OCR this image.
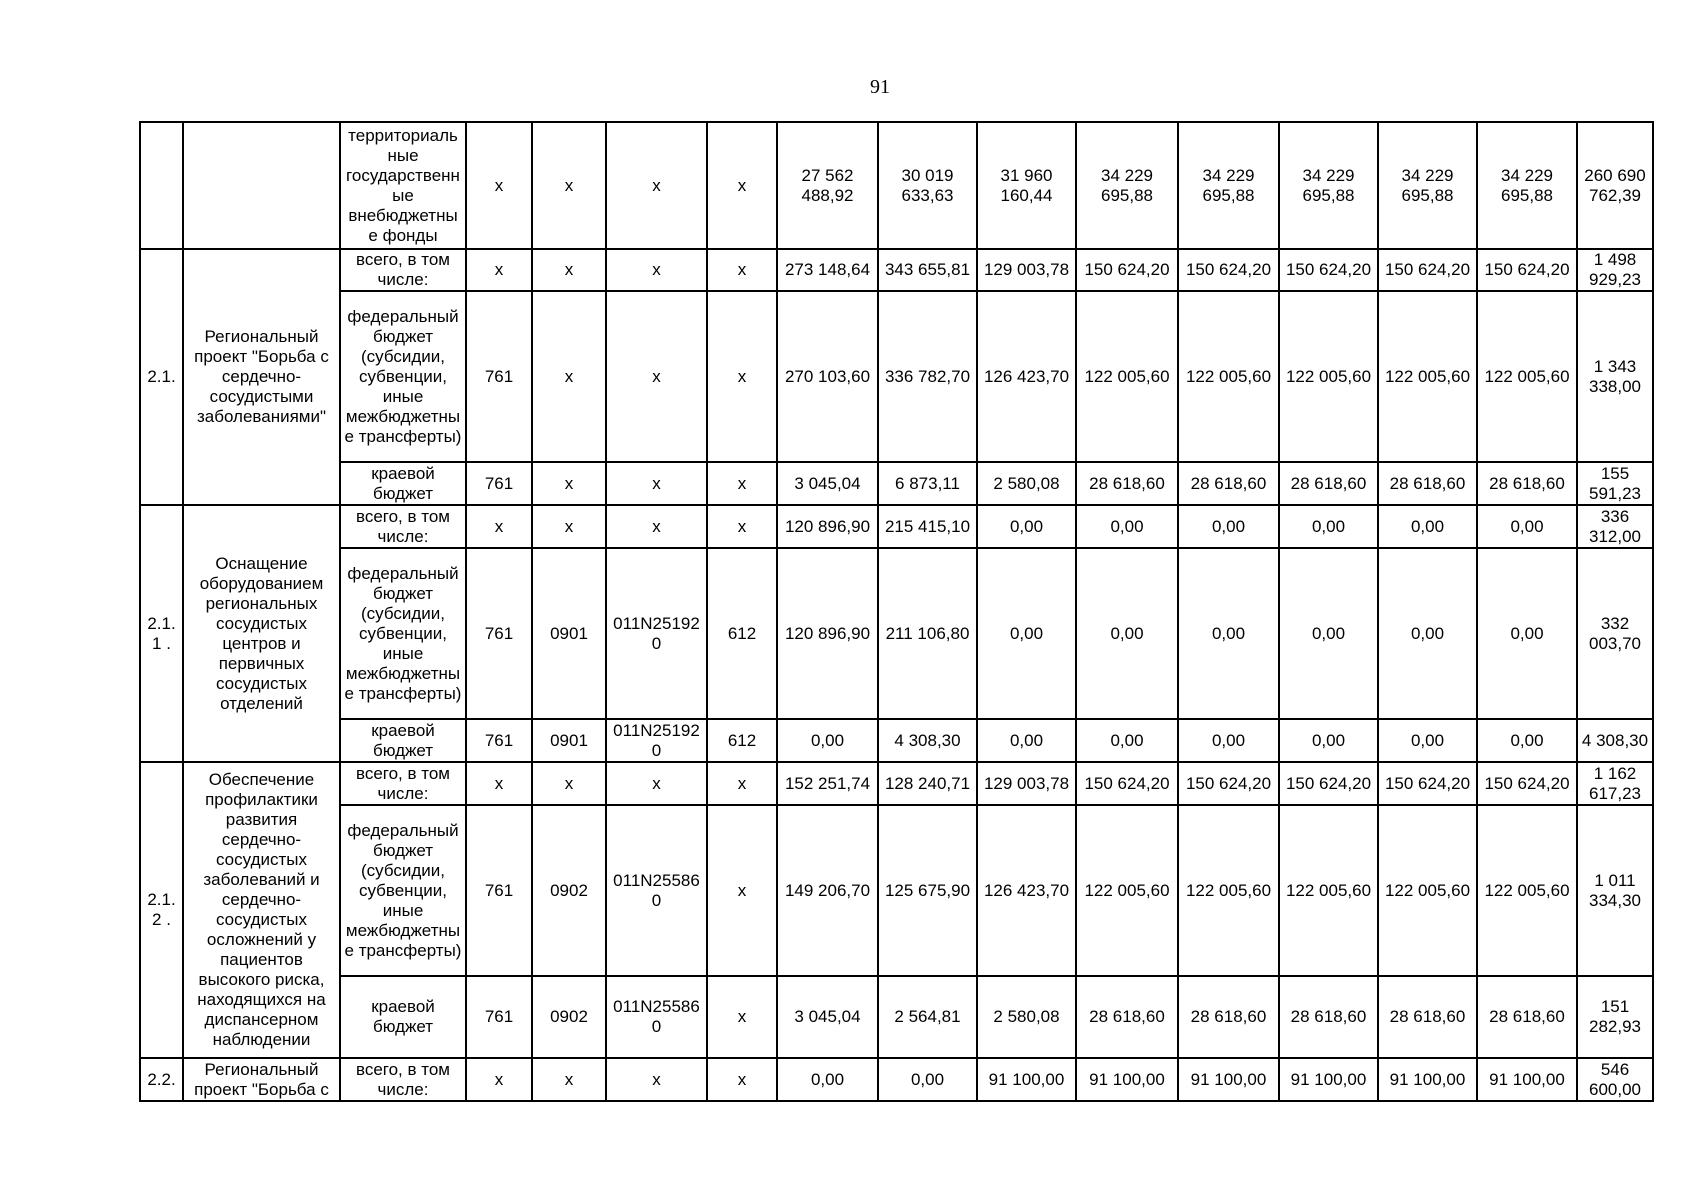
91
		территориаль ные государственн ые внебюджетны е фонды	x	x	x	x	27 562 488,92	30 019 633,63	31 960 160,44	34 229 695,88	34 229 695,88	34 229 695,88	34 229 695,88	34 229 695,88	260 690 762,39
2.1.	Региональный проект "Борьба с сердечно-сосудистыми заболеваниями"	всего, в том числе:	x	x	x	x	273 148,64	343 655,81	129 003,78	150 624,20	150 624,20	150 624,20	150 624,20	150 624,20	1 498 929,23
		федеральный бюджет (субсидии, субвенции, иные межбюджетны е трансферты)	761	x	x	x	270 103,60	336 782,70	126 423,70	122 005,60	122 005,60	122 005,60	122 005,60	122 005,60	1 343 338,00
		краевой бюджет	761	x	x	x	3 045,04	6 873,11	2 580,08	28 618,60	28 618,60	28 618,60	28 618,60	28 618,60	155 591,23
2.1.1 .	Оснащение оборудованием региональных сосудистых центров и первичных сосудистых отделений	всего, в том числе:	x	x	x	x	120 896,90	215 415,10	0,00	0,00	0,00	0,00	0,00	0,00	336 312,00
		федеральный бюджет (субсидии, субвенции, иные межбюджетны е трансферты)	761	0901	011N251920	612	120 896,90	211 106,80	0,00	0,00	0,00	0,00	0,00	0,00	332 003,70
		краевой бюджет	761	0901	011N251920	612	0,00	4 308,30	0,00	0,00	0,00	0,00	0,00	0,00	4 308,30
2.1.2 .	Обеспечение профилактики развития сердечно-сосудистых заболеваний и сердечно-сосудистых осложнений у пациентов высокого риска, находящихся на диспансерном наблюдении	всего, в том числе:	x	x	x	x	152 251,74	128 240,71	129 003,78	150 624,20	150 624,20	150 624,20	150 624,20	150 624,20	1 162 617,23
		федеральный бюджет (субсидии, субвенции, иные межбюджетны е трансферты)	761	0902	011N255860	x	149 206,70	125 675,90	126 423,70	122 005,60	122 005,60	122 005,60	122 005,60	122 005,60	1 011 334,30
		краевой бюджет	761	0902	011N255860	x	3 045,04	2 564,81	2 580,08	28 618,60	28 618,60	28 618,60	28 618,60	28 618,60	151 282,93
2.2.	Региональный проект "Борьба с	всего, в том числе:	x	x	x	x	0,00	0,00	91 100,00	91 100,00	91 100,00	91 100,00	91 100,00	91 100,00	546 600,00
